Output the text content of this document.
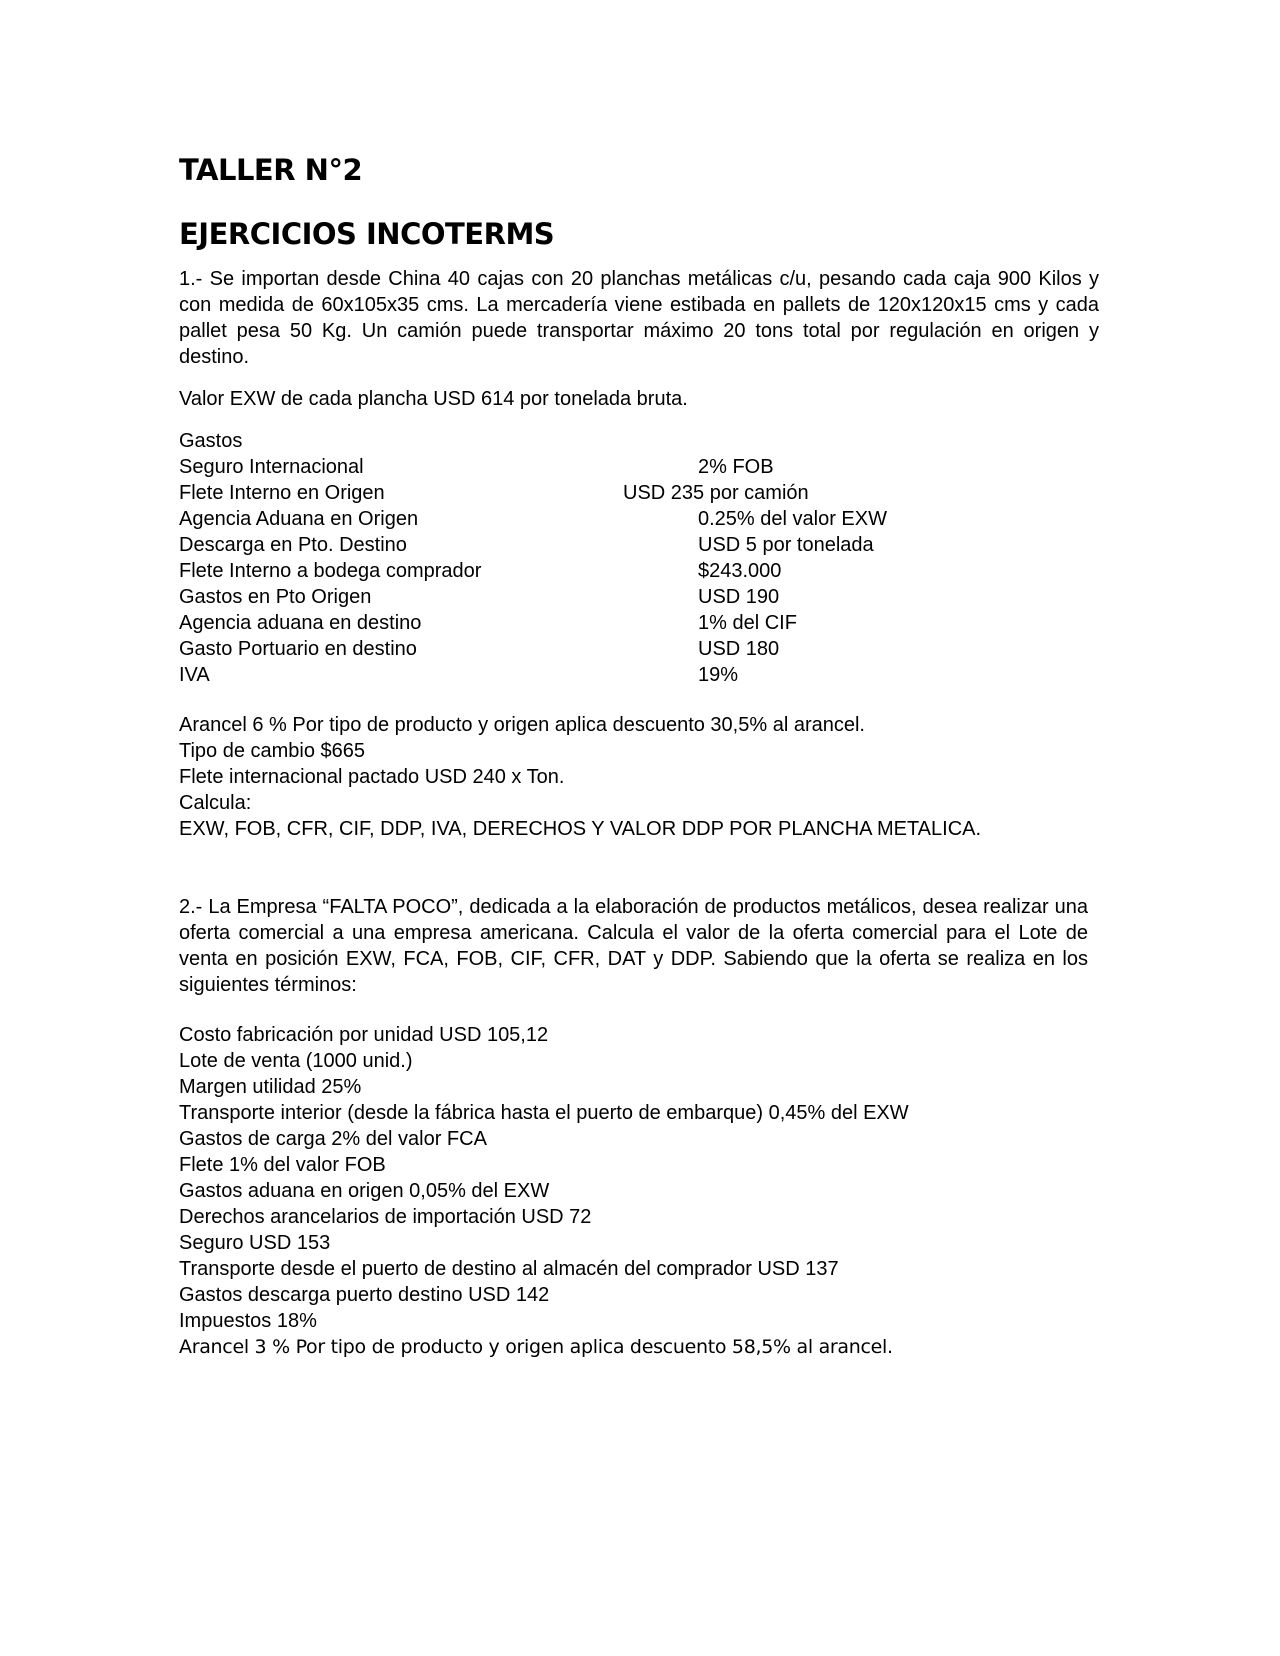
TALLER N°2
EJERCICIOS INCOTERMS

1.- Se importan desde China 40 cajas con 20 planchas metálicas c/u, pesando cada caja 900 Kilos y con medida de 60x105x35 cms. La mercadería viene estibada en pallets de 120x120x15 cms y cada pallet pesa 50 Kg. Un camión puede transportar máximo 20 tons total por regulación en origen y destino.

Valor EXW de cada plancha USD 614 por tonelada bruta.

Gastos

Seguro Internacional	2% FOB
Flete Interno en Origen	USD 235 por camión
Agencia Aduana en Origen	0.25% del valor EXW
Descarga en Pto. Destino	USD 5 por tonelada
Flete Interno a bodega comprador	$243.000
Gastos en Pto Origen	USD 190
Agencia aduana en destino	1% del CIF
Gasto Portuario en destino	USD 180
IVA	19%

Arancel 6 % Por tipo de producto y origen aplica descuento 30,5% al arancel.

Tipo de cambio $665

Flete internacional pactado USD 240 x Ton.

Calcula:

EXW, FOB, CFR, CIF, DDP, IVA, DERECHOS Y VALOR DDP POR PLANCHA METALICA.

2.- La Empresa “FALTA POCO”, dedicada a la elaboración de productos metálicos, desea realizar una oferta comercial a una empresa americana. Calcula el valor de la oferta comercial para el Lote de venta en posición EXW, FCA, FOB, CIF, CFR, DAT y DDP. Sabiendo que la oferta se realiza en los siguientes términos:

Costo fabricación por unidad USD 105,12

Lote de venta (1000 unid.)

Margen utilidad 25%

Transporte interior (desde la fábrica hasta el puerto de embarque) 0,45% del EXW

Gastos de carga 2% del valor FCA

Flete 1% del valor FOB

Gastos aduana en origen 0,05% del EXW

Derechos arancelarios de importación USD 72

Seguro USD 153

Transporte desde el puerto de destino al almacén del comprador USD 137

Gastos descarga puerto destino USD 142

Impuestos 18%

Arancel 3 % Por tipo de producto y origen aplica descuento 58,5% al arancel.
